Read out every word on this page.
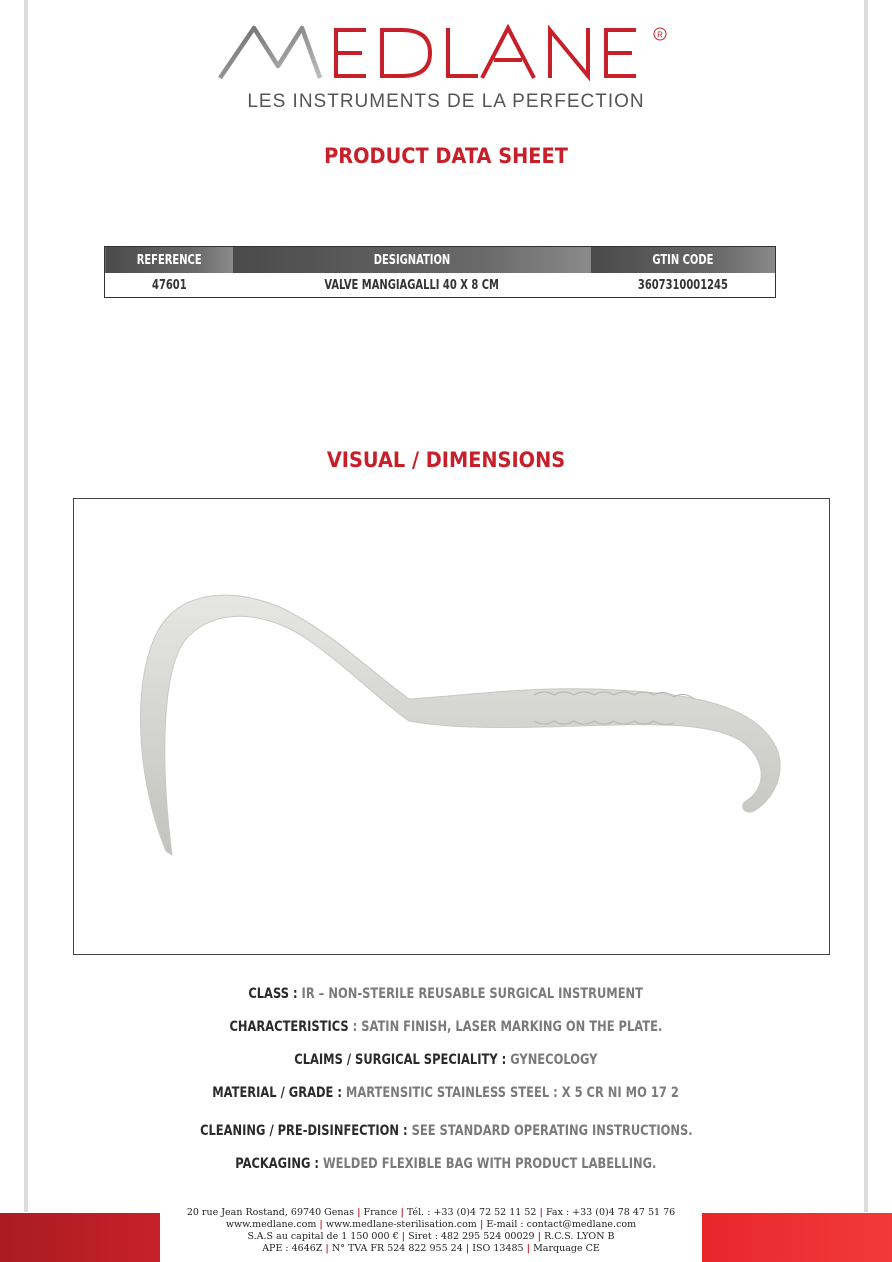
R
LES INSTRUMENTS DE LA PERFECTION
PRODUCT DATA SHEET
REFERENCE	DESIGNATION	GTIN CODE
47601	VALVE MANGIAGALLI 40 X 8 CM	3607310001245
VISUAL / DIMENSIONS
CLASS : IR – NON-STERILE REUSABLE SURGICAL INSTRUMENT
CHARACTERISTICS : SATIN FINISH, LASER MARKING ON THE PLATE.
CLAIMS / SURGICAL SPECIALITY : GYNECOLOGY
MATERIAL / GRADE : MARTENSITIC STAINLESS STEEL : X 5 CR NI MO 17 2
CLEANING / PRE-DISINFECTION : SEE STANDARD OPERATING INSTRUCTIONS.
PACKAGING : WELDED FLEXIBLE BAG WITH PRODUCT LABELLING.
20 rue Jean Rostand, 69740 Genas | France | Tél. : +33 (0)4 72 52 11 52 | Fax : +33 (0)4 78 47 51 76
www.medlane.com | www.medlane-sterilisation.com | E-mail : contact@medlane.com
S.A.S au capital de 1 150 000 € | Siret : 482 295 524 00029 | R.C.S. LYON B
APE : 4646Z | N° TVA FR 524 822 955 24 | ISO 13485 | Marquage CE
